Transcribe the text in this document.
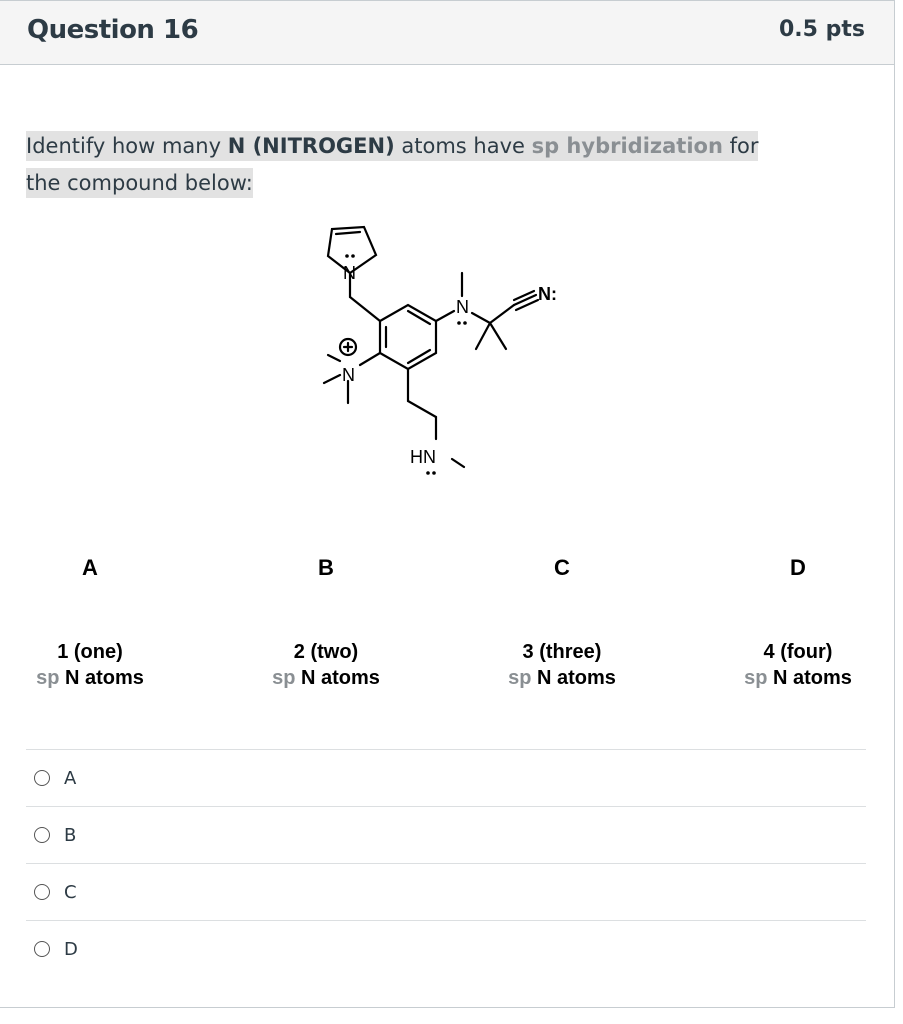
Question 16	0.5 pts
Identify how many N (NITROGEN) atoms have sp hybridization for the compound below:
N
N
N
HN
N:
A
1 (one)
sp N atoms
B
2 (two)
sp N atoms
C
3 (three)
sp N atoms
D
4 (four)
sp N atoms
A
B
C
D
